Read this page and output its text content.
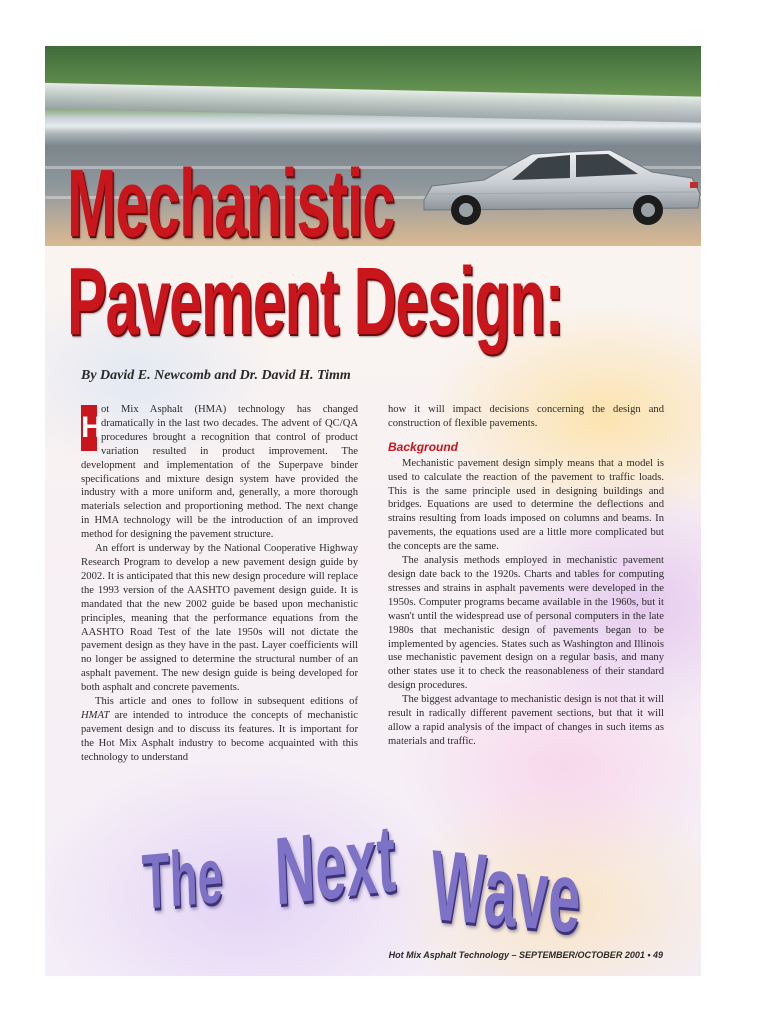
Mechanistic
Pavement Design:
By David E. Newcomb and Dr. David H. Timm

H
ot Mix Asphalt (HMA) technology has changed dramatically in the last two decades. The advent of QC/QA procedures brought a recognition that control of product variation resulted in product improvement. The development and implementation of the Superpave binder specifications and mixture design system have provided the industry with a more uniform and, generally, a more thorough materials selection and proportioning method. The next change in HMA technology will be the introduction of an improved method for designing the pavement structure.

An effort is underway by the National Cooperative Highway Research Program to develop a new pavement design guide by 2002. It is anticipated that this new design procedure will replace the 1993 version of the AASHTO pavement design guide. It is mandated that the new 2002 guide be based upon mechanistic principles, meaning that the performance equations from the AASHTO Road Test of the late 1950s will not dictate the pavement design as they have in the past. Layer coefficients will no longer be assigned to determine the structural number of an asphalt pavement. The new design guide is being developed for both asphalt and concrete pavements.

This article and ones to follow in subsequent editions of HMAT are intended to introduce the concepts of mechanistic pavement design and to discuss its features. It is important for the Hot Mix Asphalt industry to become acquainted with this technology to understand

how it will impact decisions concerning the design and construction of flexible pavements.

Background

Mechanistic pavement design simply means that a model is used to calculate the reaction of the pavement to traffic loads. This is the same principle used in designing buildings and bridges. Equations are used to determine the deflections and strains resulting from loads imposed on columns and beams. In pavements, the equations used are a little more complicated but the concepts are the same.

The analysis methods employed in mechanistic pavement design date back to the 1920s. Charts and tables for computing stresses and strains in asphalt pavements were developed in the 1950s. Computer programs became available in the 1960s, but it wasn't until the widespread use of personal computers in the late 1980s that mechanistic design of pavements began to be implemented by agencies. States such as Washington and Illinois use mechanistic pavement design on a regular basis, and many other states use it to check the reasonableness of their standard design procedures.

The biggest advantage to mechanistic design is not that it will result in radically different pavement sections, but that it will allow a rapid analysis of the impact of changes in such items as materials and traffic.

The Next Wave
Hot Mix Asphalt Technology – SEPTEMBER/OCTOBER 2001 • 49
